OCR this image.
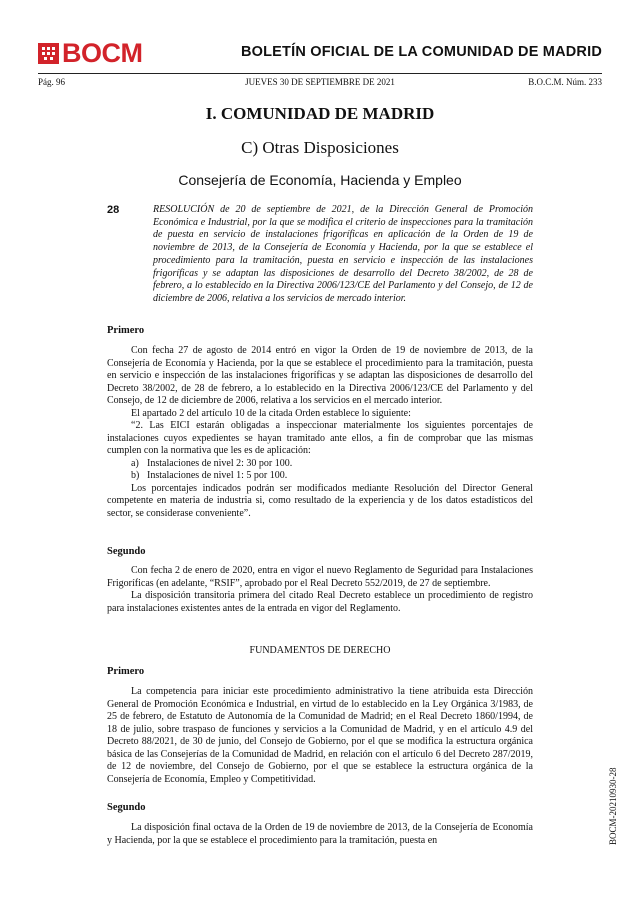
BOCM	BOLETÍN OFICIAL DE LA COMUNIDAD DE MADRID
Pág. 96	JUEVES 30 DE SEPTIEMBRE DE 2021	B.O.C.M. Núm. 233
I. COMUNIDAD DE MADRID
C) Otras Disposiciones
Consejería de Economía, Hacienda y Empleo
28	RESOLUCIÓN de 20 de septiembre de 2021, de la Dirección General de Promoción Económica e Industrial, por la que se modifica el criterio de inspecciones para la tramitación de puesta en servicio de instalaciones frigoríficas en aplicación de la Orden de 19 de noviembre de 2013, de la Consejería de Economía y Hacienda, por la que se establece el procedimiento para la tramitación, puesta en servicio e inspección de las instalaciones frigoríficas y se adaptan las disposiciones de desarrollo del Decreto 38/2002, de 28 de febrero, a lo establecido en la Directiva 2006/123/CE del Parlamento y del Consejo, de 12 de diciembre de 2006, relativa a los servicios de mercado interior.

Primero

Con fecha 27 de agosto de 2014 entró en vigor la Orden de 19 de noviembre de 2013, de la Consejería de Economía y Hacienda, por la que se establece el procedimiento para la tramitación, puesta en servicio e inspección de las instalaciones frigoríficas y se adaptan las disposiciones de desarrollo del Decreto 38/2002, de 28 de febrero, a lo establecido en la Directiva 2006/123/CE del Parlamento y del Consejo, de 12 de diciembre de 2006, relativa a los servicios en el mercado interior.

El apartado 2 del artículo 10 de la citada Orden establece lo siguiente:

“2. Las EICI estarán obligadas a inspeccionar materialmente los siguientes porcentajes de instalaciones cuyos expedientes se hayan tramitado ante ellos, a fin de comprobar que las mismas cumplen con la normativa que les es de aplicación:

a) Instalaciones de nivel 2: 30 por 100.
b) Instalaciones de nivel 1: 5 por 100.

Los porcentajes indicados podrán ser modificados mediante Resolución del Director General competente en materia de industria si, como resultado de la experiencia y de los datos estadísticos del sector, se considerase conveniente”.

Segundo

Con fecha 2 de enero de 2020, entra en vigor el nuevo Reglamento de Seguridad para Instalaciones Frigoríficas (en adelante, “RSIF”, aprobado por el Real Decreto 552/2019, de 27 de septiembre.

La disposición transitoria primera del citado Real Decreto establece un procedimiento de registro para instalaciones existentes antes de la entrada en vigor del Reglamento.

FUNDAMENTOS DE DERECHO
Primero

La competencia para iniciar este procedimiento administrativo la tiene atribuida esta Dirección General de Promoción Económica e Industrial, en virtud de lo establecido en la Ley Orgánica 3/1983, de 25 de febrero, de Estatuto de Autonomía de la Comunidad de Madrid; en el Real Decreto 1860/1994, de 18 de julio, sobre traspaso de funciones y servicios a la Comunidad de Madrid, y en el artículo 4.9 del Decreto 88/2021, de 30 de junio, del Consejo de Gobierno, por el que se modifica la estructura orgánica básica de las Consejerías de la Comunidad de Madrid, en relación con el artículo 6 del Decreto 287/2019, de 12 de noviembre, del Consejo de Gobierno, por el que se establece la estructura orgánica de la Consejería de Economía, Empleo y Competitividad.

Segundo

La disposición final octava de la Orden de 19 de noviembre de 2013, de la Consejería de Economía y Hacienda, por la que se establece el procedimiento para la tramitación, puesta en	BOCM-20210930-28
